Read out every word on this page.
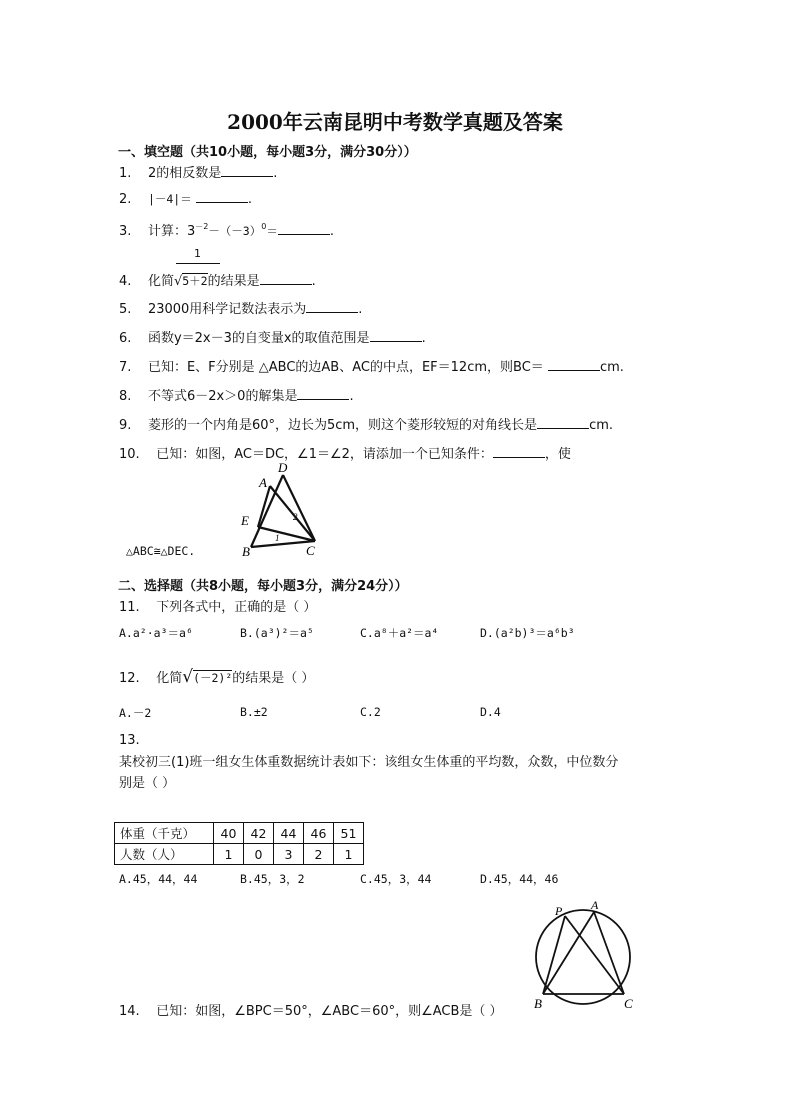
2000年云南昆明中考数学真题及答案
一、填空题（共10小题，每小题3分，满分30分））
1. 2的相反数是	.
2. |－4|＝	.
3. 计算：$3^{-2}-(-3)^0=$	.
1
4. 化简√5＋2的结果是	.
5. 23000用科学记数法表示为	.
6. 函数y＝2x－3的自变量x的取值范围是	.
7. 已知：E、F分别是 △ABC的边AB、AC的中点，EF＝12cm，则BC＝	cm.
8. 不等式6－2x＞0的解集是	.
9. 菱形的一个内角是60°，边长为5cm，则这个菱形较短的对角线长是	cm.
10. 已知：如图，AC＝DC，∠1＝∠2，请添加一个已知条件：	，使
D
A
E
B	C
2
1
△ABC≅△DEC.
二、选择题（共8小题，每小题3分，满分24分））
11. 下列各式中，正确的是（ ）
A.a²·a³＝a⁶	B.(a³)²＝a⁵	C.a⁸＋a²＝a⁴	D.(a²b)³＝a⁶b³
12. 化简√(－2)²的结果是（ ）
A.－2	B.±2	C.2	D.4
13.
某校初三(1)班一组女生体重数据统计表如下：该组女生体重的平均数，众数，中位数分
别是（ ）
体重（千克）	40	42	44	46	51
人数（人）	1	0	3	2	1
A.45，44，44	B.45，3，2	C.45，3，44	D.45，44，46
P A
B	C
14. 已知：如图，∠BPC＝50°，∠ABC＝60°，则∠ACB是（ ）
